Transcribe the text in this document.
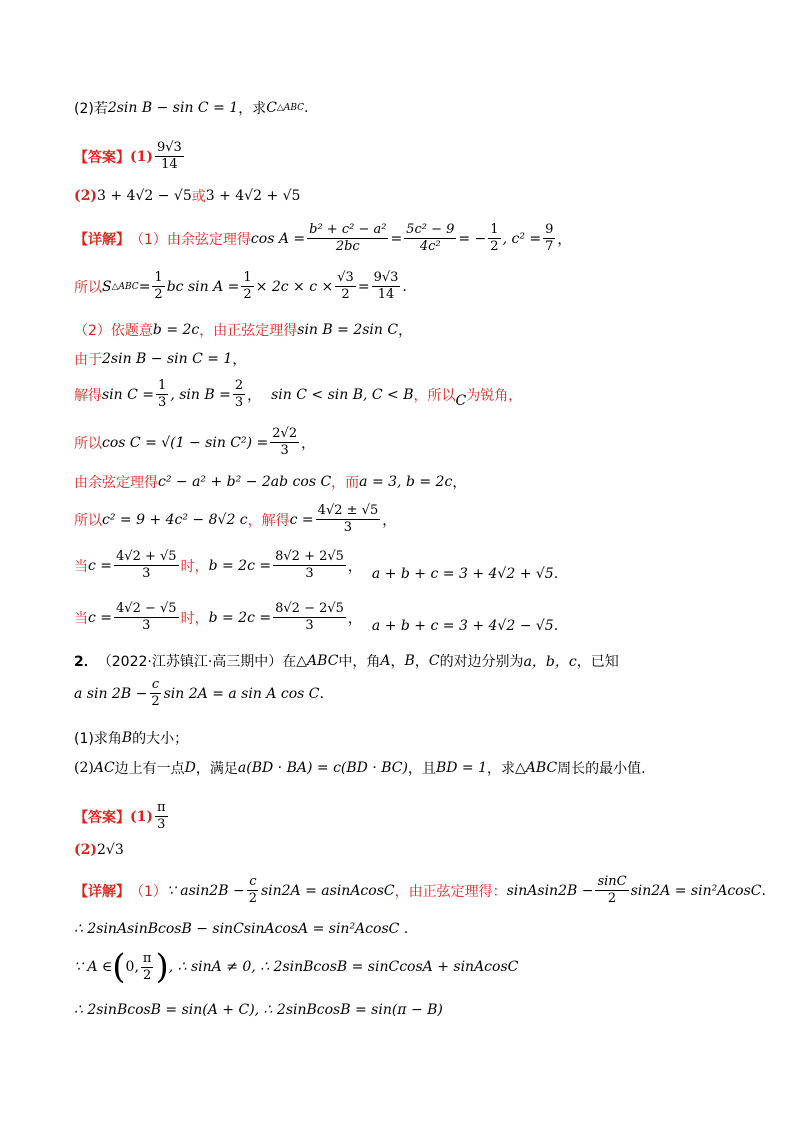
(2)若 2sin B − sin C = 1 ，求 C △ABC .
【答案】 $(1) \frac{9√3}{14}$
(2) 3 + 4√2 − √5 或 3 + 4√2 + √5
【详解】 （1）由余弦定理得 $\cos A = \frac{\text{b² + c² − a²}}{2bc} = \frac{\text{5c² − 9}}{\text{4c²}}$ = − $\frac{1}{2}$ , $c^2 = \frac{9}{7}$ ，
所以 S △ABC = $\frac{1}{2}$ bc $\sin A = \frac{1}{2} \times 2c \times c \times \frac{√3}{2} = \frac{9√3}{14}$ .
（2）依题意 b = 2c ，由正弦定理得 sin B = 2sin C ，
由于 2sin B − sin C = 1 ，
解得 $\sin C = \frac{1}{3}$ , $\sin B = \frac{2}{3}$ ， sin C < sin B, C < B ，所以 C 为锐角，
所以 $\cos C = √(1 - \sin C^2) = \frac{2√2}{3}$ ，
由余弦定理得 c² − a² + b² − 2ab cos C ，而 a = 3, b = 2c ，
所以 c² = 9 + 4c² − 8√2 c ，解得 $c = \frac{4√2 \pm √5}{3}$ ，
当 $c = \frac{4√2 + √5}{3}$ 时， $b = 2c = \frac{8√2 + 2√5}{3}$ ， a + b + c = 3 + 4√2 + √5 .
当 $c = \frac{4√2 - √5}{3}$ 时， $b = 2c = \frac{8√2 - 2√5}{3}$ ， a + b + c = 3 + 4√2 − √5 .
2． （2022·江苏镇江·高三期中）在 △ABC 中，角 A ， B ， C 的对边分别为 a，b，c ，已知
a $\sin 2B - \frac{c}{2}$ sin 2A = a sin A cos C .
(1)求角 B 的大小；
(2) AC 边上有一点 D ，满足 a(BD · BA) = c(BD · BC) ，且 BD = 1 ，求 △ABC 周长的最小值.
【答案】 $(1) \frac{\pi}{3}$
(2) 2√3
【详解】 （1） ∵ $asin2B - \frac{c}{2} \sin 2A$ = asinAcosC ，由正弦定理得： sinAsin2B − $\frac{\sin C}{2} \sin 2A = \sin^2AcosC$ .
∴ 2sinAsinBcosB − sinCsinAcosA = sin²AcosC .
∵ A ∈ ( 0, $\frac{\pi}{2}$ ) , ∴ sinA ≠ 0, ∴ 2sinBcosB = sinCcosA + sinAcosC
∴ 2sinBcosB = sin(A + C), ∴ 2sinBcosB = sin(π − B)
